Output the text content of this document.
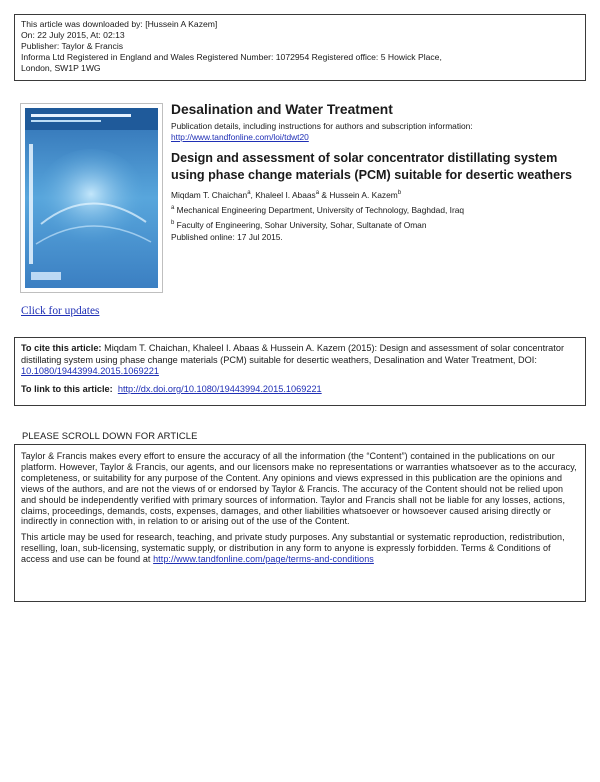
This article was downloaded by: [Hussein A Kazem]
On: 22 July 2015, At: 02:13
Publisher: Taylor & Francis
Informa Ltd Registered in England and Wales Registered Number: 1072954 Registered office: 5 Howick Place,
London, SW1P 1WG
Desalination and Water Treatment
Publication details, including instructions for authors and subscription information:
http://www.tandfonline.com/loi/tdwt20
Design and assessment of solar concentrator distillating system using phase change materials (PCM) suitable for desertic weathers
Miqdam T. Chaichan$^a$, Khaleel I. Abaas$^a$ & Hussein A. Kazem$^b$
$^a$ Mechanical Engineering Department, University of Technology, Baghdad, Iraq
$^b$ Faculty of Engineering, Sohar University, Sohar, Sultanate of Oman
Published online: 17 Jul 2015.
Click for updates
To cite this article: Miqdam T. Chaichan, Khaleel I. Abaas & Hussein A. Kazem (2015): Design and assessment of solar concentrator distillating system using phase change materials (PCM) suitable for desertic weathers, Desalination and Water Treatment, DOI: 10.1080/19443994.2015.1069221
To link to this article: http://dx.doi.org/10.1080/19443994.2015.1069221
PLEASE SCROLL DOWN FOR ARTICLE

Taylor & Francis makes every effort to ensure the accuracy of all the information (the “Content”) contained in the publications on our platform. However, Taylor & Francis, our agents, and our licensors make no representations or warranties whatsoever as to the accuracy, completeness, or suitability for any purpose of the Content. Any opinions and views expressed in this publication are the opinions and views of the authors, and are not the views of or endorsed by Taylor & Francis. The accuracy of the Content should not be relied upon and should be independently verified with primary sources of information. Taylor and Francis shall not be liable for any losses, actions, claims, proceedings, demands, costs, expenses, damages, and other liabilities whatsoever or howsoever caused arising directly or indirectly in connection with, in relation to or arising out of the use of the Content.

This article may be used for research, teaching, and private study purposes. Any substantial or systematic reproduction, redistribution, reselling, loan, sub-licensing, systematic supply, or distribution in any form to anyone is expressly forbidden. Terms & Conditions of access and use can be found at http://www.tandfonline.com/page/terms-and-conditions
